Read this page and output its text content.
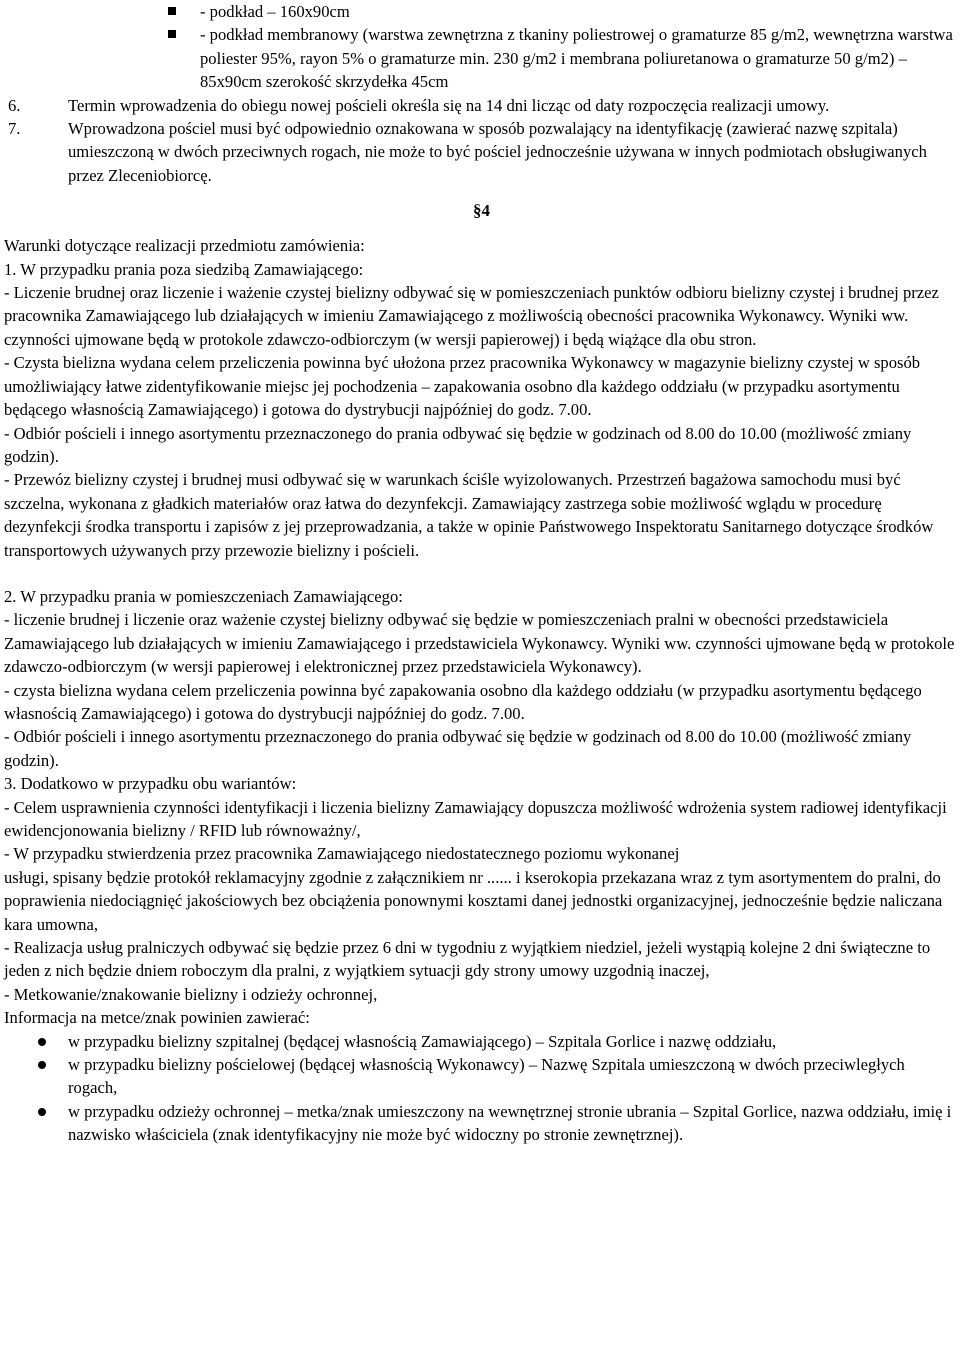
- podkład – 160x90cm
- podkład membranowy (warstwa zewnętrzna z tkaniny poliestrowej o gramaturze 85 g/m2, wewnętrzna warstwa poliester 95%, rayon 5% o gramaturze min. 230 g/m2 i membrana poliuretanowa o gramaturze 50 g/m2) – 85x90cm szerokość skrzydełka 45cm
6.	Termin wprowadzenia do obiegu nowej pościeli określa się na 14 dni licząc od daty rozpoczęcia realizacji umowy.
7.	Wprowadzona pościel musi być odpowiednio oznakowana w sposób pozwalający na identyfikację (zawierać nazwę szpitala) umieszczoną w dwóch przeciwnych rogach, nie może to być pościel jednocześnie używana w innych podmiotach obsługiwanych przez Zleceniobiorcę.

§4

Warunki dotyczące realizacji przedmiotu zamówienia:

1. W przypadku prania poza siedzibą Zamawiającego:

- Liczenie brudnej oraz liczenie i ważenie czystej bielizny odbywać się w pomieszczeniach punktów odbioru bielizny czystej i brudnej przez pracownika Zamawiającego lub działających w imieniu Zamawiającego z możliwością obecności pracownika Wykonawcy. Wyniki ww. czynności ujmowane będą w protokole zdawczo-odbiorczym (w wersji papierowej) i będą wiążące dla obu stron.

- Czysta bielizna wydana celem przeliczenia powinna być ułożona przez pracownika Wykonawcy w magazynie bielizny czystej w sposób umożliwiający łatwe zidentyfikowanie miejsc jej pochodzenia – zapakowania osobno dla każdego oddziału (w przypadku asortymentu będącego własnością Zamawiającego) i gotowa do dystrybucji najpóźniej do godz. 7.00.

- Odbiór pościeli i innego asortymentu przeznaczonego do prania odbywać się będzie w godzinach od 8.00 do 10.00 (możliwość zmiany godzin).

- Przewóz bielizny czystej i brudnej musi odbywać się w warunkach ściśle wyizolowanych. Przestrzeń bagażowa samochodu musi być szczelna, wykonana z gładkich materiałów oraz łatwa do dezynfekcji. Zamawiający zastrzega sobie możliwość wglądu w procedurę dezynfekcji środka transportu i zapisów z jej przeprowadzania, a także w opinie Państwowego Inspektoratu Sanitarnego dotyczące środków transportowych używanych przy przewozie bielizny i pościeli.

2. W przypadku prania w pomieszczeniach Zamawiającego:

- liczenie brudnej i liczenie oraz ważenie czystej bielizny odbywać się będzie w pomieszczeniach pralni w obecności przedstawiciela Zamawiającego lub działających w imieniu Zamawiającego i przedstawiciela Wykonawcy. Wyniki ww. czynności ujmowane będą w protokole zdawczo-odbiorczym (w wersji papierowej i elektronicznej przez przedstawiciela Wykonawcy).

- czysta bielizna wydana celem przeliczenia powinna być zapakowania osobno dla każdego oddziału (w przypadku asortymentu będącego własnością Zamawiającego) i gotowa do dystrybucji najpóźniej do godz. 7.00.

- Odbiór pościeli i innego asortymentu przeznaczonego do prania odbywać się będzie w godzinach od 8.00 do 10.00 (możliwość zmiany godzin).

3. Dodatkowo w przypadku obu wariantów:

- Celem usprawnienia czynności identyfikacji i liczenia bielizny Zamawiający dopuszcza możliwość wdrożenia system radiowej identyfikacji ewidencjonowania bielizny / RFID lub równoważny/,

- W przypadku stwierdzenia przez pracownika Zamawiającego niedostatecznego poziomu wykonanej

usługi, spisany będzie protokół reklamacyjny zgodnie z załącznikiem nr ...... i kserokopia przekazana wraz z tym asortymentem do pralni, do poprawienia niedociągnięć jakościowych bez obciążenia ponownymi kosztami danej jednostki organizacyjnej, jednocześnie będzie naliczana kara umowna,

- Realizacja usług pralniczych odbywać się będzie przez 6 dni w tygodniu z wyjątkiem niedziel, jeżeli wystąpią kolejne 2 dni świąteczne to jeden z nich będzie dniem roboczym dla pralni, z wyjątkiem sytuacji gdy strony umowy uzgodnią inaczej,

- Metkowanie/znakowanie bielizny i odzieży ochronnej,

Informacja na metce/znak powinien zawierać:

w przypadku bielizny szpitalnej (będącej własnością Zamawiającego) – Szpitala Gorlice i nazwę oddziału,
w przypadku bielizny pościelowej (będącej własnością Wykonawcy) – Nazwę Szpitala umieszczoną w dwóch przeciwległych rogach,
w przypadku odzieży ochronnej – metka/znak umieszczony na wewnętrznej stronie ubrania – Szpital Gorlice, nazwa oddziału, imię i nazwisko właściciela (znak identyfikacyjny nie może być widoczny po stronie zewnętrznej).
